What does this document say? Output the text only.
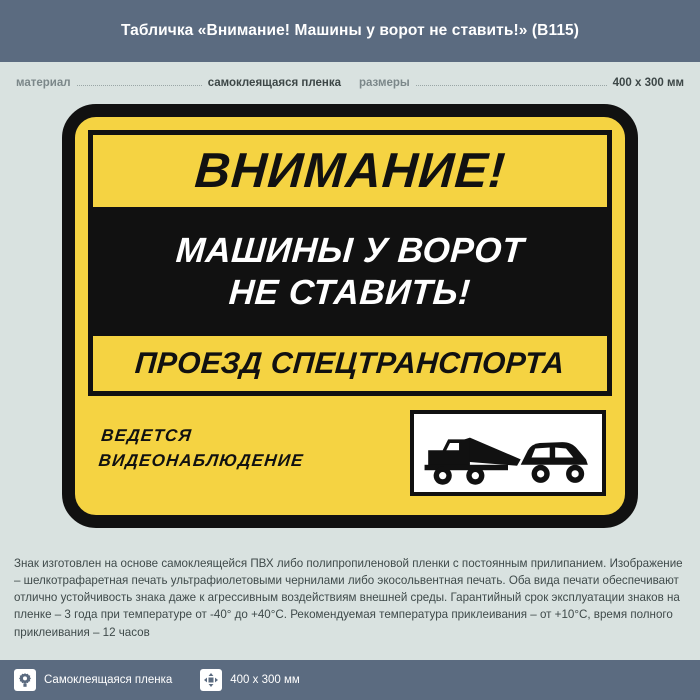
Табличка «Внимание! Машины у ворот не ставить!» (В115)
материал	самоклеящаяся пленка размеры	400 х 300 мм
ВНИМАНИЕ!
МАШИНЫ У ВОРОТ
НЕ СТАВИТЬ!
ПРОЕЗД СПЕЦТРАНСПОРТА
ВЕДЕТСЯ
ВИДЕОНАБЛЮДЕНИЕ
Знак изготовлен на основе самоклеящейся ПВХ либо полипропиленовой пленки с постоянным прилипанием. Изображение – шелкотрафаретная печать ультрафиолетовыми чернилами либо экосольвентная печать. Оба вида печати обеспечивают отлично устойчивость знака даже к агрессивным воздействиям внешней среды. Гарантийный срок эксплуатации знаков на пленке – 3 года при температуре от -40° до +40°С. Рекомендуемая температура приклеивания – от +10°С, время полного приклеивания – 12 часов
Самоклеящаяся пленка	400 х 300 мм
